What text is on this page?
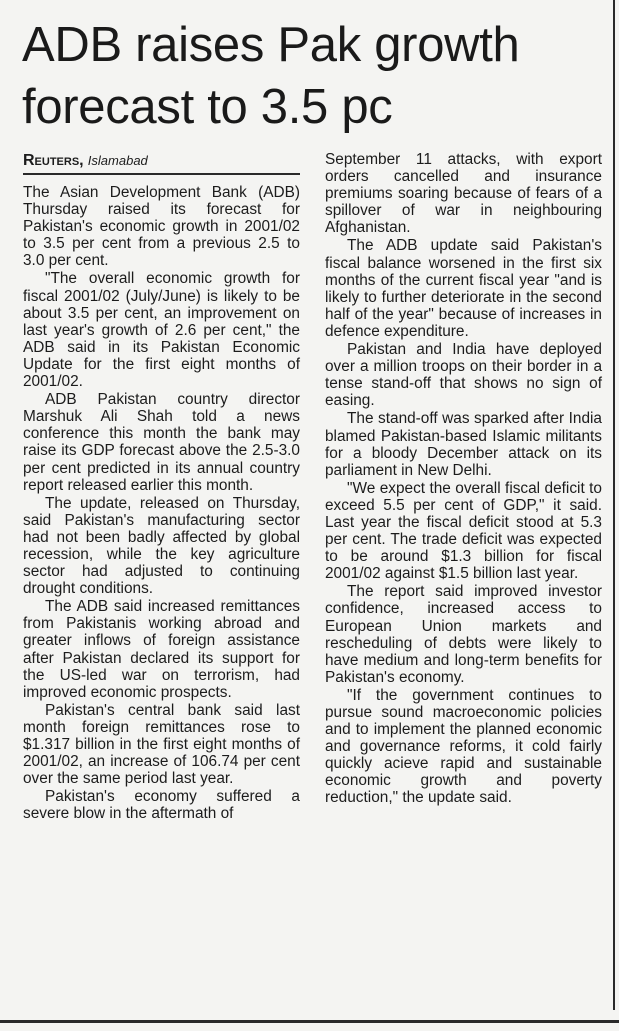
ADB raises Pak growth forecast to 3.5 pc
Reuters, Islamabad

The Asian Development Bank (ADB) Thursday raised its forecast for Pakistan's economic growth in 2001/02 to 3.5 per cent from a previous 2.5 to 3.0 per cent.

"The overall economic growth for fiscal 2001/02 (July/June) is likely to be about 3.5 per cent, an improvement on last year's growth of 2.6 per cent," the ADB said in its Pakistan Economic Update for the first eight months of 2001/02.

ADB Pakistan country director Marshuk Ali Shah told a news conference this month the bank may raise its GDP forecast above the 2.5-3.0 per cent predicted in its annual country report released earlier this month.

The update, released on Thursday, said Pakistan's manufacturing sector had not been badly affected by global recession, while the key agriculture sector had adjusted to continuing drought conditions.

The ADB said increased remittances from Pakistanis working abroad and greater inflows of foreign assistance after Pakistan declared its support for the US-led war on terrorism, had improved economic prospects.

Pakistan's central bank said last month foreign remittances rose to $1.317 billion in the first eight months of 2001/02, an increase of 106.74 per cent over the same period last year.

Pakistan's economy suffered a severe blow in the aftermath of

September 11 attacks, with export orders cancelled and insurance premiums soaring because of fears of a spillover of war in neighbouring Afghanistan.

The ADB update said Pakistan's fiscal balance worsened in the first six months of the current fiscal year "and is likely to further deteriorate in the second half of the year" because of increases in defence expenditure.

Pakistan and India have deployed over a million troops on their border in a tense stand-off that shows no sign of easing.

The stand-off was sparked after India blamed Pakistan-based Islamic militants for a bloody December attack on its parliament in New Delhi.

"We expect the overall fiscal deficit to exceed 5.5 per cent of GDP," it said. Last year the fiscal deficit stood at 5.3 per cent. The trade deficit was expected to be around $1.3 billion for fiscal 2001/02 against $1.5 billion last year.

The report said improved investor confidence, increased access to European Union markets and rescheduling of debts were likely to have medium and long-term benefits for Pakistan's economy.

"If the government continues to pursue sound macroeconomic policies and to implement the planned economic and governance reforms, it cold fairly quickly acieve rapid and sustainable economic growth and poverty reduction," the update said.
